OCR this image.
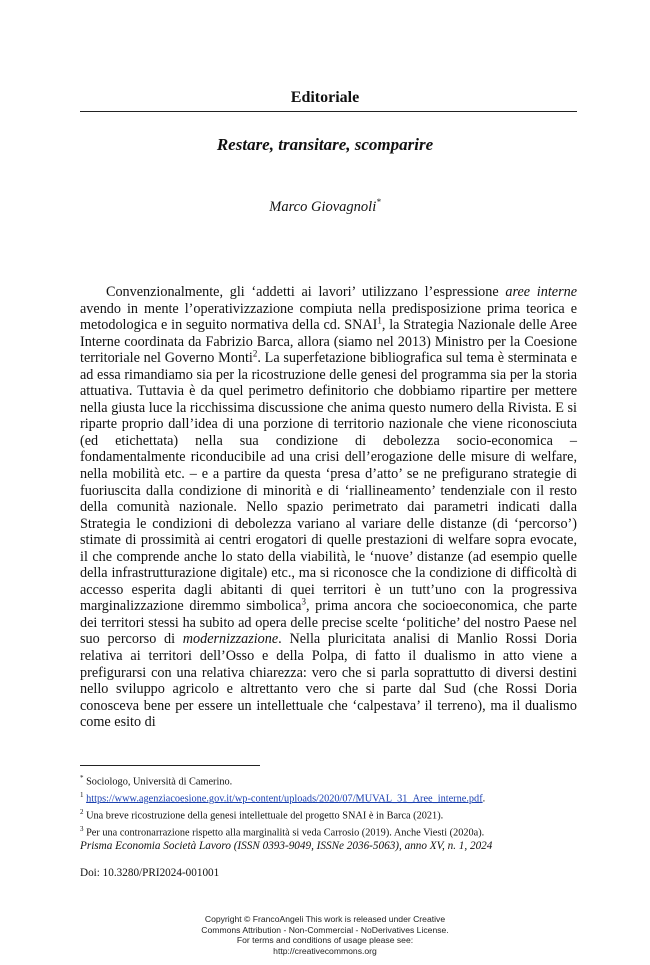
Editoriale
Restare, transitare, scomparire
Marco Giovagnoli*

Convenzionalmente, gli ‘addetti ai lavori’ utilizzano l’espressione aree interne avendo in mente l’operativizzazione compiuta nella predisposizione prima teorica e metodologica e in seguito normativa della cd. SNAI$^1$, la Strategia Nazionale delle Aree Interne coordinata da Fabrizio Barca, allora (siamo nel 2013) Ministro per la Coesione territoriale nel Governo Monti$^2$. La superfetazione bibliografica sul tema è sterminata e ad essa rimandiamo sia per la ricostruzione delle genesi del programma sia per la storia attuativa. Tuttavia è da quel perimetro definitorio che dobbiamo ripartire per mettere nella giusta luce la ricchissima discussione che anima questo numero della Rivista. E si riparte proprio dall’idea di una porzione di territorio nazionale che viene riconosciuta (ed etichettata) nella sua condizione di debolezza socio-economica – fondamentalmente riconducibile ad una crisi dell’erogazione delle misure di welfare, nella mobilità etc. – e a partire da questa ‘presa d’atto’ se ne prefigurano strategie di fuoriuscita dalla condizione di minorità e di ‘riallineamento’ tendenziale con il resto della comunità nazionale. Nello spazio perimetrato dai parametri indicati dalla Strategia le condizioni di debolezza variano al variare delle distanze (di ‘percorso’) stimate di prossimità ai centri erogatori di quelle prestazioni di welfare sopra evocate, il che comprende anche lo stato della viabilità, le ‘nuove’ distanze (ad esempio quelle della infrastrutturazione digitale) etc., ma si riconosce che la condizione di difficoltà di accesso esperita dagli abitanti di quei territori è un tutt’uno con la progressiva marginalizzazione diremmo simbolica$^3$, prima ancora che socioeconomica, che parte dei territori stessi ha subito ad opera delle precise scelte ‘politiche’ del nostro Paese nel suo percorso di modernizzazione. Nella pluricitata analisi di Manlio Rossi Doria relativa ai territori dell’Osso e della Polpa, di fatto il dualismo in atto viene a prefigurarsi con una relativa chiarezza: vero che si parla soprattutto di diversi destini nello sviluppo agricolo e altrettanto vero che si parte dal Sud (che Rossi Doria conosceva bene per essere un intellettuale che ‘calpestava’ il terreno), ma il dualismo come esito di

* Sociologo, Università di Camerino.
$^1$ https://www.agenziacoesione.gov.it/wp-content/uploads/2020/07/MUVAL_31_Aree_interne.pdf.
$^2$ Una breve ricostruzione della genesi intellettuale del progetto SNAI è in Barca (2021).
$^3$ Per una contronarrazione rispetto alla marginalità si veda Carrosio (2019). Anche Viesti (2020a).
Prisma Economia Società Lavoro (ISSN 0393-9049, ISSNe 2036-5063), anno XV, n. 1, 2024
Doi: 10.3280/PRI2024-001001
Copyright © FrancoAngeli This work is released under Creative
Commons Attribution - Non-Commercial - NoDerivatives License.
For terms and conditions of usage please see:
http://creativecommons.org
